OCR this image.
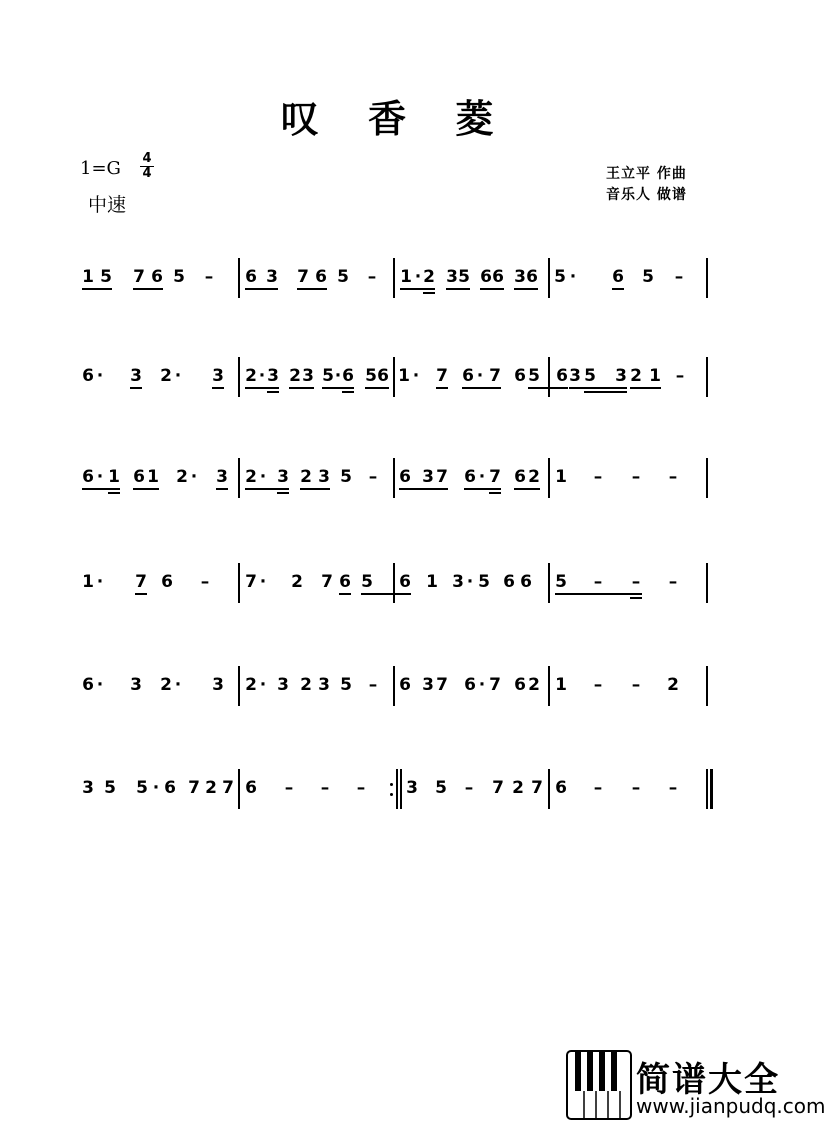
叹 香 菱
1=G 4
4
中速
王立平 作曲
音乐人 做谱
1 5 7 6 5 – 6 3 7 6 5 – 1 · 2 3 5 6 6 3 6 5 · 6 5 –
6 · 3 2 · 3 2 · 3 2 3 5 · 6 5 6 1 · 7 6 · 7 6 5 6 3 5 3 2 1 –
6 · 1 6 1 2 · 3 2 · 3 2 3 5 – 6 3 7 6 · 7 6 2 1 – – –
1 · 7 6 – 7 · 2 7 6 5 6 1 3 · 5 6 6 5 – – –
6 · 3 2 · 3 2 · 3 2 3 5 – 6 3 7 6 · 7 6 2 1 – – 2
3 5 5 · 6 7 2 7 6 – – – 3 5 – 7 2 7 6 – – –
简谱大全
www.jianpudq.com
